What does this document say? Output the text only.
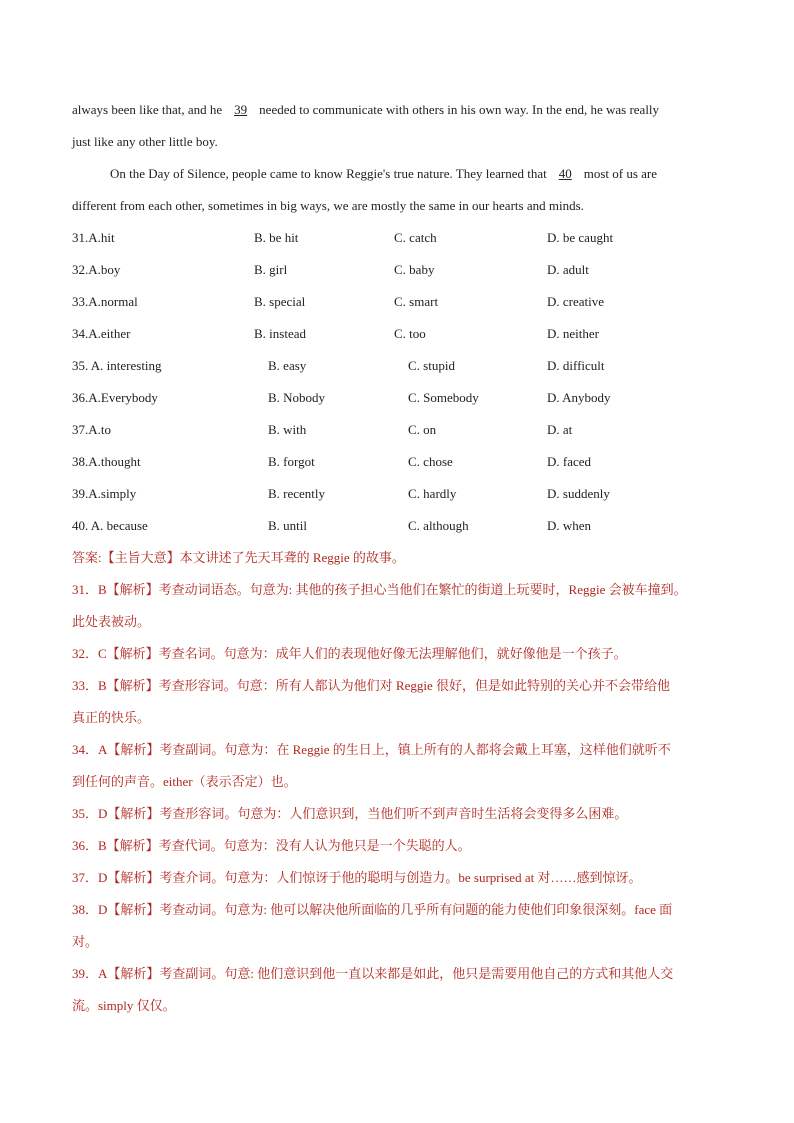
always been like that, and he 39 needed to communicate with others in his own way. In the end, he was really
just like any other little boy.
On the Day of Silence, people came to know Reggie's true nature. They learned that 40 most of us are
different from each other, sometimes in big ways, we are mostly the same in our hearts and minds.
31.A.hit	B. be hit	C. catch	D. be caught
32.A.boy	B. girl	C. baby	D. adult
33.A.normal	B. special	C. smart	D. creative
34.A.either	B. instead	C. too	D. neither
35. A. interesting	B. easy	C. stupid	D. difficult
36.A.Everybody	B. Nobody	C. Somebody	D. Anybody
37.A.to	B. with	C. on	D. at
38.A.thought	B. forgot	C. chose	D. faced
39.A.simply	B. recently	C. hardly	D. suddenly
40. A. because	B. until	C. although	D. when
答案:【主旨大意】本文讲述了先天耳聋的 Reggie 的故事。
31．B【解析】考查动词语态。句意为: 其他的孩子担心当他们在繁忙的街道上玩要时，Reggie 会被车撞到。
此处表被动。
32．C【解析】考查名词。句意为：成年人们的表现他好像无法理解他们，就好像他是一个孩子。
33．B【解析】考查形容词。句意：所有人都认为他们对 Reggie 很好，但是如此特别的关心并不会带给他
真正的快乐。
34．A【解析】考查副词。句意为：在 Reggie 的生日上，镇上所有的人都将会戴上耳塞，这样他们就听不
到任何的声音。either（表示否定）也。
35．D【解析】考查形容词。句意为：人们意识到，当他们听不到声音时生活将会变得多么困难。
36．B【解析】考查代词。句意为：没有人认为他只是一个失聪的人。
37．D【解析】考查介词。句意为：人们惊讶于他的聪明与创造力。be surprised at 对……感到惊讶。
38．D【解析】考查动词。句意为: 他可以解决他所面临的几乎所有问题的能力使他们印象很深刻。face 面
对。
39．A【解析】考查副词。句意: 他们意识到他一直以来都是如此，他只是需要用他自己的方式和其他人交
流。simply 仅仅。
